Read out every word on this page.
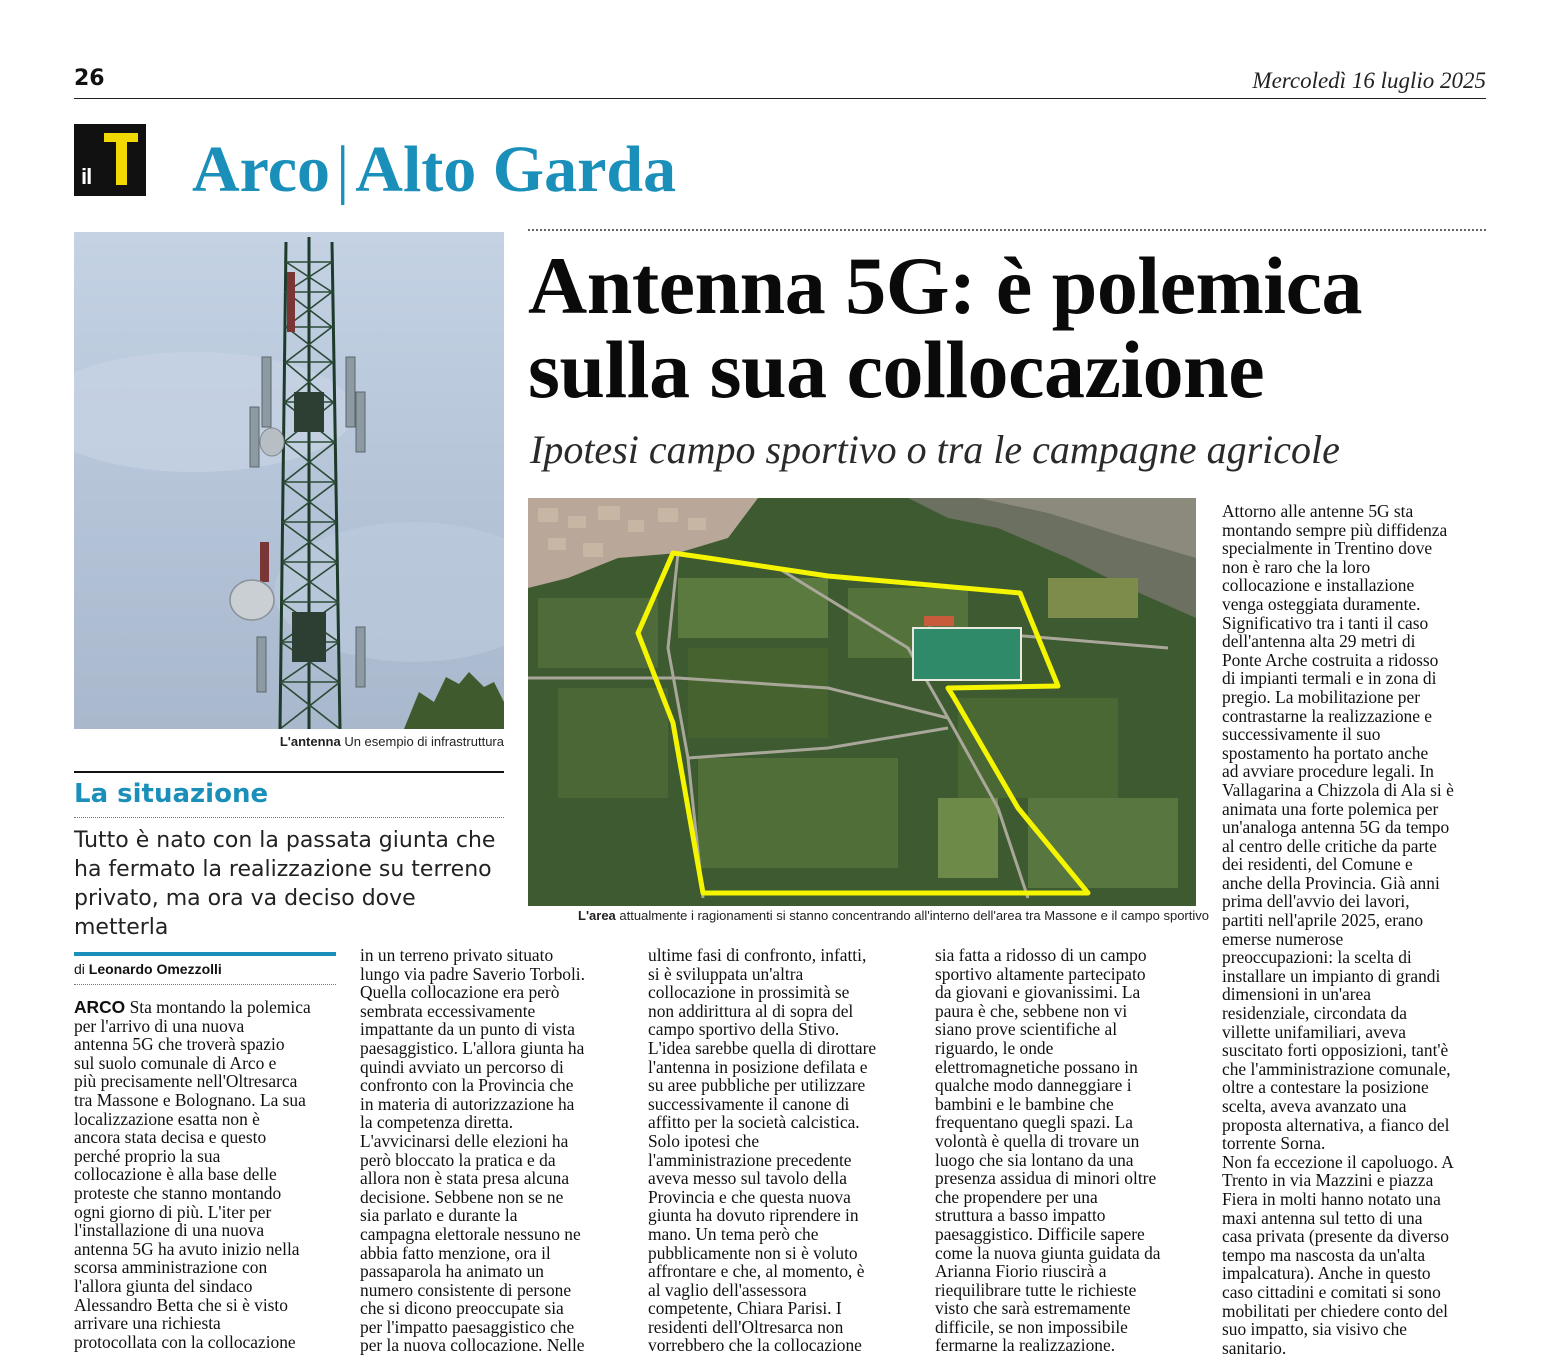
26	Mercoledì 16 luglio 2025
il Arco|Alto Garda
Antenna 5G: è polemica
sulla sua collocazione
Ipotesi campo sportivo o tra le campagne agricole
L'antenna Un esempio di infrastruttura
La situazione
Tutto è nato con la passata giunta che ha fermato la realizzazione su terreno privato, ma ora va deciso dove metterla	L'area attualmente i ragionamenti si stanno concentrando all'interno dell'area tra Massone e il campo sportivo
di Leonardo Omezzolli
ARCO Sta montando la polemica
per l'arrivo di una nuova
antenna 5G che troverà spazio
sul suolo comunale di Arco e
più precisamente nell'Oltresarca
tra Massone e Bolognano. La sua
localizzazione esatta non è
ancora stata decisa e questo
perché proprio la sua
collocazione è alla base delle
proteste che stanno montando
ogni giorno di più. L'iter per
l'installazione di una nuova
antenna 5G ha avuto inizio nella
scorsa amministrazione con
l'allora giunta del sindaco
Alessandro Betta che si è visto
arrivare una richiesta
protocollata con la collocazione
in un terreno privato situato
lungo via padre Saverio Torboli.
Quella collocazione era però
sembrata eccessivamente
impattante da un punto di vista
paesaggistico. L'allora giunta ha
quindi avviato un percorso di
confronto con la Provincia che
in materia di autorizzazione ha
la competenza diretta.
L'avvicinarsi delle elezioni ha
però bloccato la pratica e da
allora non è stata presa alcuna
decisione. Sebbene non se ne
sia parlato e durante la
campagna elettorale nessuno ne
abbia fatto menzione, ora il
passaparola ha animato un
numero consistente di persone
che si dicono preoccupate sia
per l'impatto paesaggistico che
per la nuova collocazione. Nelle
ultime fasi di confronto, infatti,
si è sviluppata un'altra
collocazione in prossimità se
non addirittura al di sopra del
campo sportivo della Stivo.
L'idea sarebbe quella di dirottare
l'antenna in posizione defilata e
su aree pubbliche per utilizzare
successivamente il canone di
affitto per la società calcistica.
Solo ipotesi che
l'amministrazione precedente
aveva messo sul tavolo della
Provincia e che questa nuova
giunta ha dovuto riprendere in
mano. Un tema però che
pubblicamente non si è voluto
affrontare e che, al momento, è
al vaglio dell'assessora
competente, Chiara Parisi. I
residenti dell'Oltresarca non
vorrebbero che la collocazione
sia fatta a ridosso di un campo
sportivo altamente partecipato
da giovani e giovanissimi. La
paura è che, sebbene non vi
siano prove scientifiche al
riguardo, le onde
elettromagnetiche possano in
qualche modo danneggiare i
bambini e le bambine che
frequentano quegli spazi. La
volontà è quella di trovare un
luogo che sia lontano da una
presenza assidua di minori oltre
che propendere per una
struttura a basso impatto
paesaggistico. Difficile sapere
come la nuova giunta guidata da
Arianna Fiorio riuscirà a
riequilibrare tutte le richieste
visto che sarà estremamente
difficile, se non impossibile
fermarne la realizzazione.
Attorno alle antenne 5G sta
montando sempre più diffidenza
specialmente in Trentino dove
non è raro che la loro
collocazione e installazione
venga osteggiata duramente.
Significativo tra i tanti il caso
dell'antenna alta 29 metri di
Ponte Arche costruita a ridosso
di impianti termali e in zona di
pregio. La mobilitazione per
contrastarne la realizzazione e
successivamente il suo
spostamento ha portato anche
ad avviare procedure legali. In
Vallagarina a Chizzola di Ala si è
animata una forte polemica per
un'analoga antenna 5G da tempo
al centro delle critiche da parte
dei residenti, del Comune e
anche della Provincia. Già anni
prima dell'avvio dei lavori,
partiti nell'aprile 2025, erano
emerse numerose
preoccupazioni: la scelta di
installare un impianto di grandi
dimensioni in un'area
residenziale, circondata da
villette unifamiliari, aveva
suscitato forti opposizioni, tant'è
che l'amministrazione comunale,
oltre a contestare la posizione
scelta, aveva avanzato una
proposta alternativa, a fianco del
torrente Sorna.
Non fa eccezione il capoluogo. A
Trento in via Mazzini e piazza
Fiera in molti hanno notato una
maxi antenna sul tetto di una
casa privata (presente da diverso
tempo ma nascosta da un'alta
impalcatura). Anche in questo
caso cittadini e comitati si sono
mobilitati per chiedere conto del
suo impatto, sia visivo che
sanitario.
